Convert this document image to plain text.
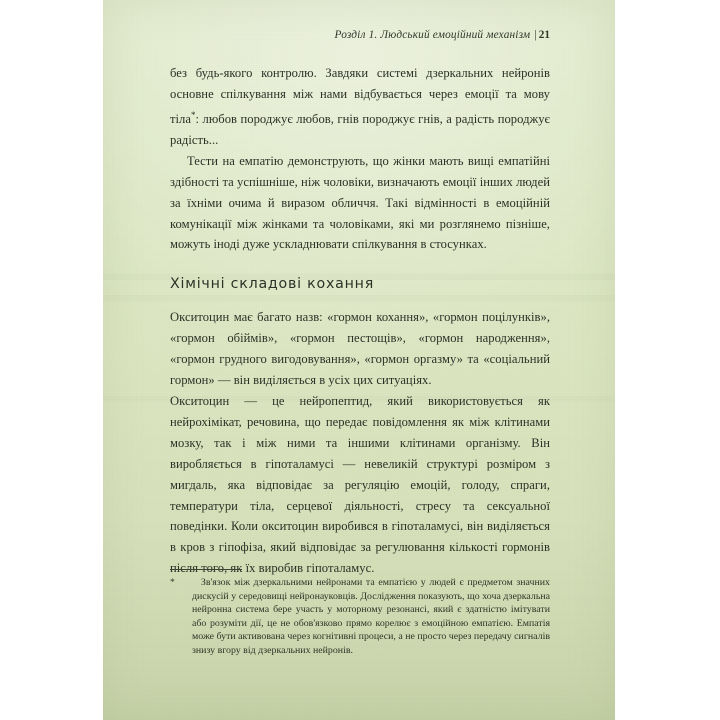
Розділ 1. Людський емоційний механізм | 21

без будь-якого контролю. Завдяки системі дзеркальних нейронів основне спілкування між нами відбувається через емоції та мову тіла*: любов породжує любов, гнів породжує гнів, а радість породжує радість...

Тести на емпатію демонструють, що жінки мають вищі емпатійні здібності та успішніше, ніж чоловіки, визначають емоції інших людей за їхніми очима й виразом обличчя. Такі відмінності в емоційній комунікації між жінками та чоловіками, які ми розглянемо пізніше, можуть іноді дуже ускладнювати спілкування в стосунках.

Хімічні складові кохання

Окситоцин має багато назв: «гормон кохання», «гормон поцілунків», «гормон обіймів», «гормон пестощів», «гормон народження», «гормон грудного вигодовування», «гормон оргазму» та «соціальний гормон» — він виділяється в усіх цих ситуаціях.

Окситоцин — це нейропептид, який використовується як нейрохімікат, речовина, що передає повідомлення як між клітинами мозку, так і між ними та іншими клітинами організму. Він виробляється в гіпоталамусі — невеликій структурі розміром з мигдаль, яка відповідає за регуляцію емоцій, голоду, спраги, температури тіла, серцевої діяльності, стресу та сексуальної поведінки. Коли окситоцин виробився в гіпоталамусі, він виділяється в кров з гіпофіза, який відповідає за регулювання кількості гормонів після того, як їх виробив гіпоталамус.

*	Зв'язок між дзеркальними нейронами та емпатією у людей є предметом значних дискусій у середовищі нейронауковців. Дослідження показують, що хоча дзеркальна нейронна система бере участь у моторному резонансі, який є здатністю імітувати або розуміти дії, це не обов'язково прямо корелює з емоційною емпатією. Емпатія може бути активована через когнітивні процеси, а не просто через передачу сигналів знизу вгору від дзеркальних нейронів.
